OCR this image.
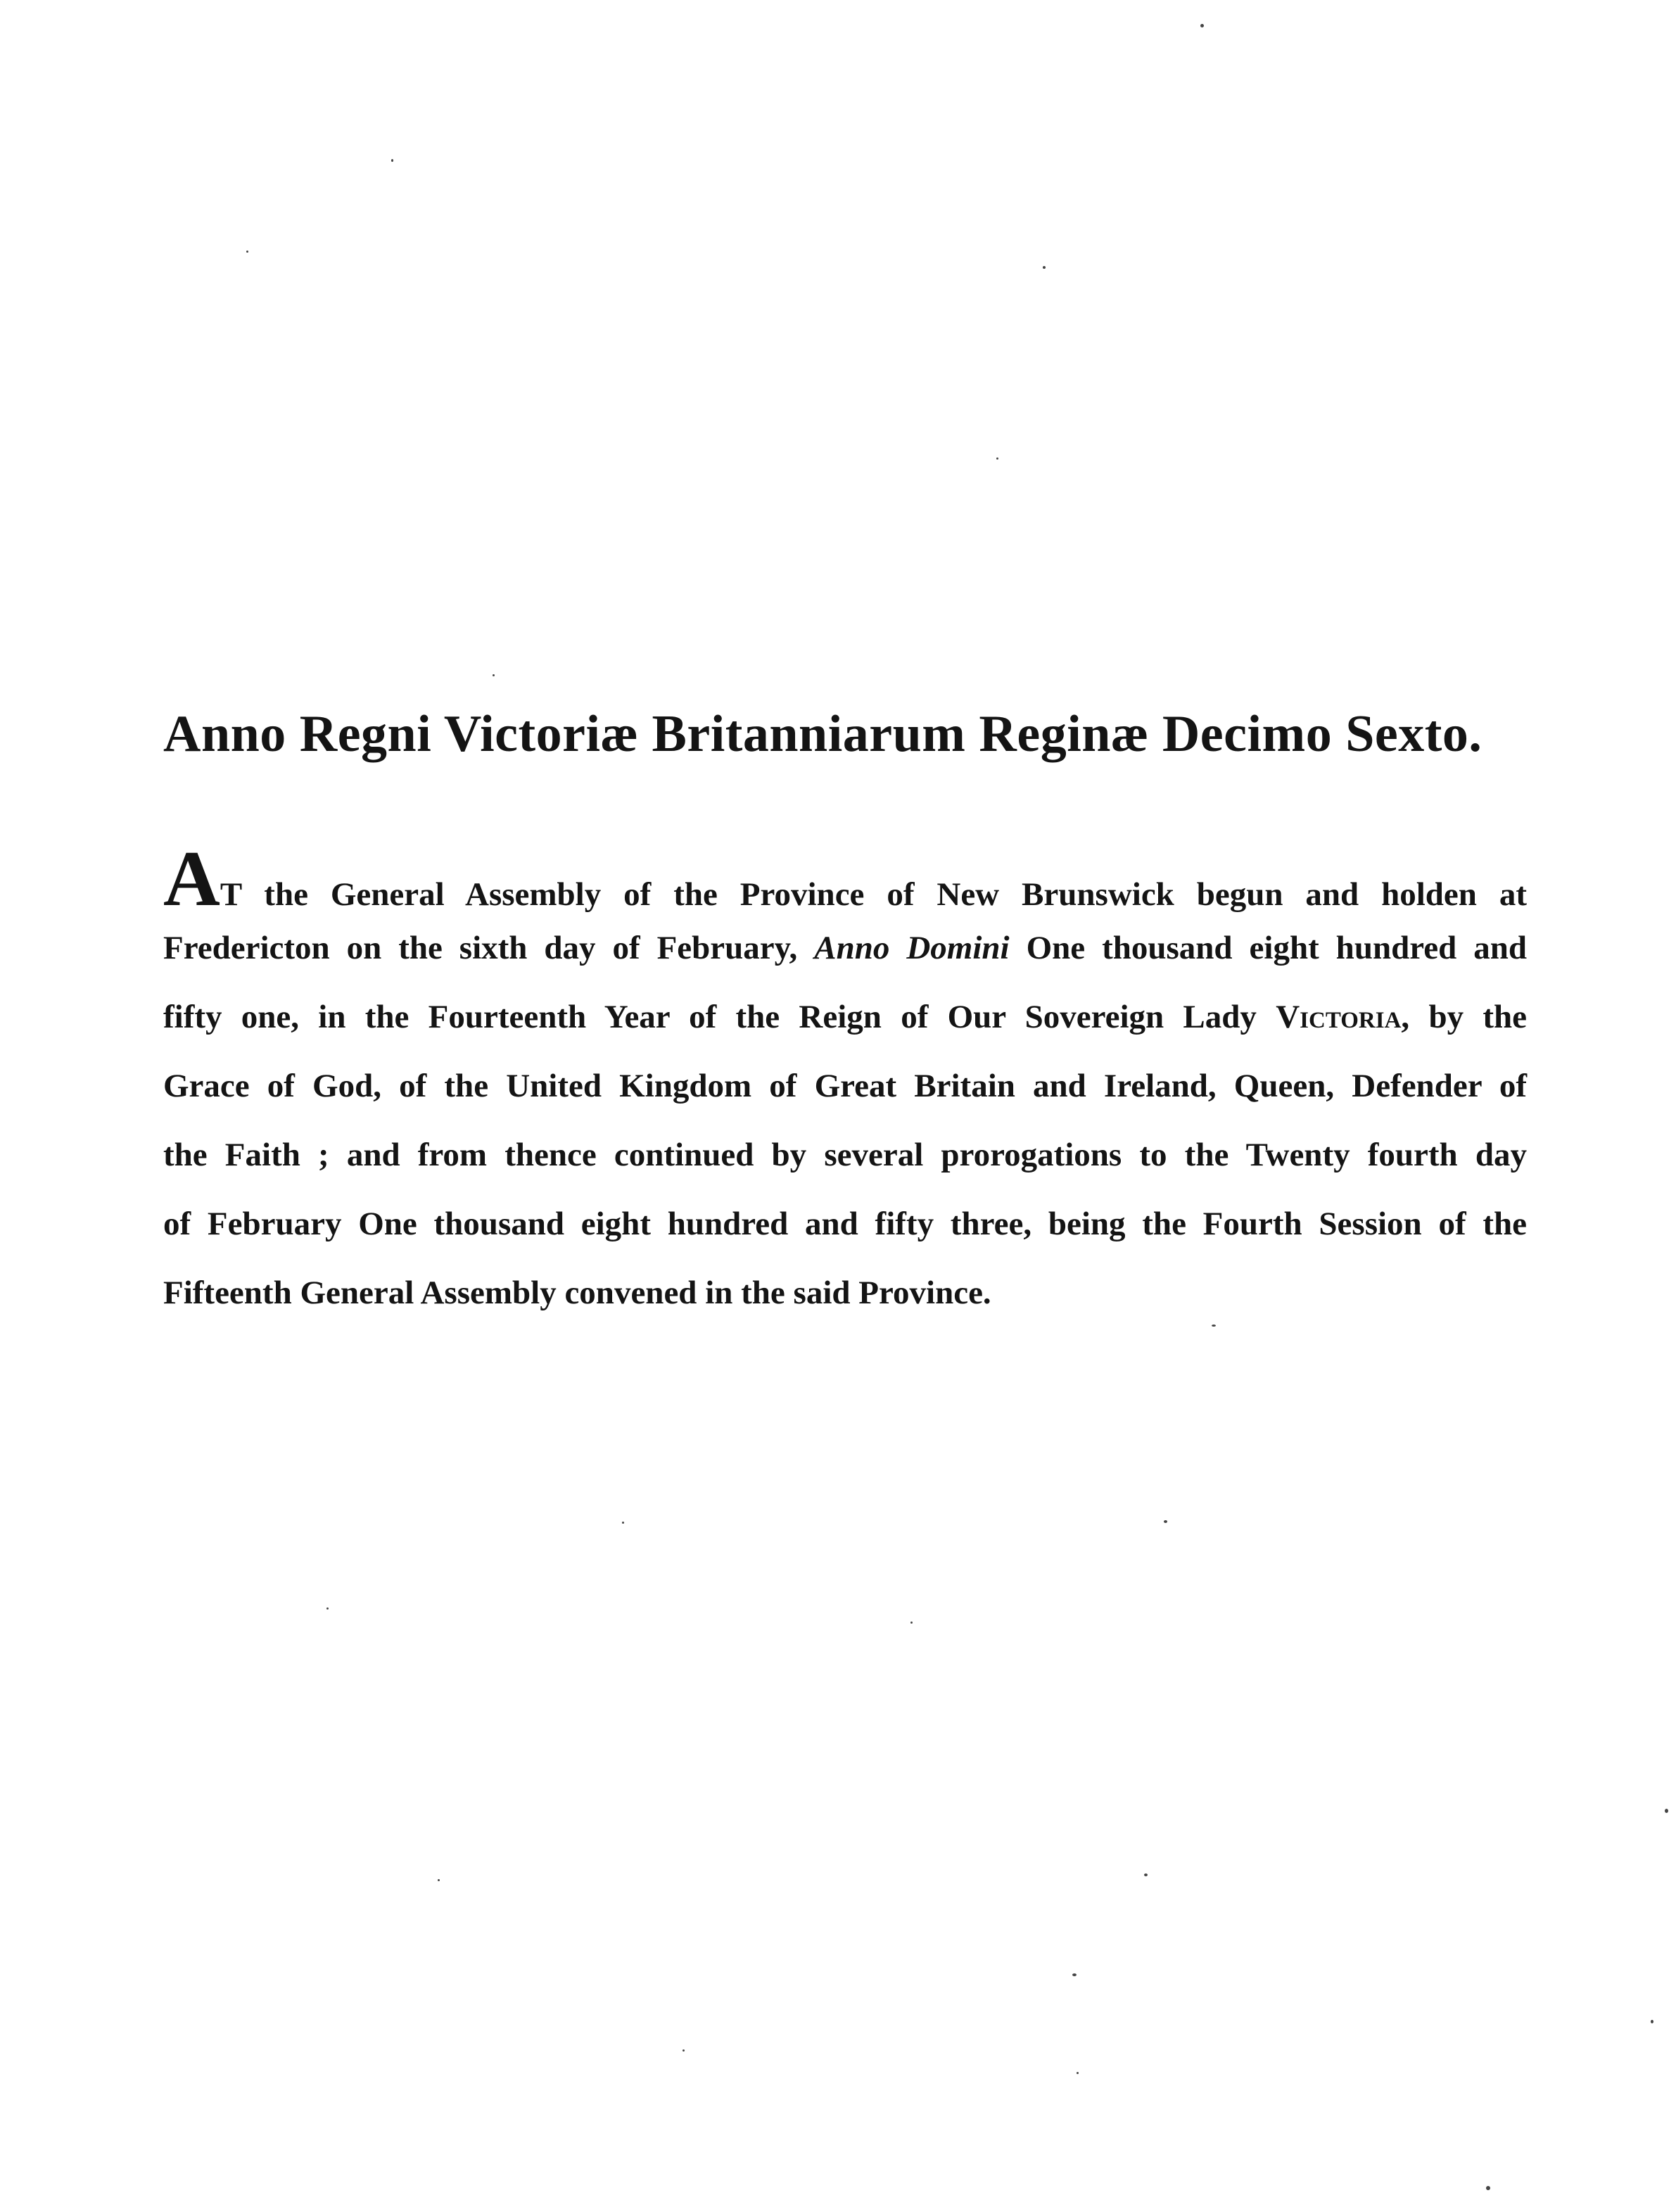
Anno Regni Victoriæ Britanniarum Reginæ Decimo Sexto.
AT the General Assembly of the Province of New Brunswick begun and holden at
Fredericton on the sixth day of February, Anno Domini One thousand eight hundred and
fifty one, in the Fourteenth Year of the Reign of Our Sovereign Lady Victoria, by the
Grace of God, of the United Kingdom of Great Britain and Ireland, Queen, Defender of
the Faith ; and from thence continued by several prorogations to the Twenty fourth day
of February One thousand eight hundred and fifty three, being the Fourth Session of the
Fifteenth General Assembly convened in the said Province.
